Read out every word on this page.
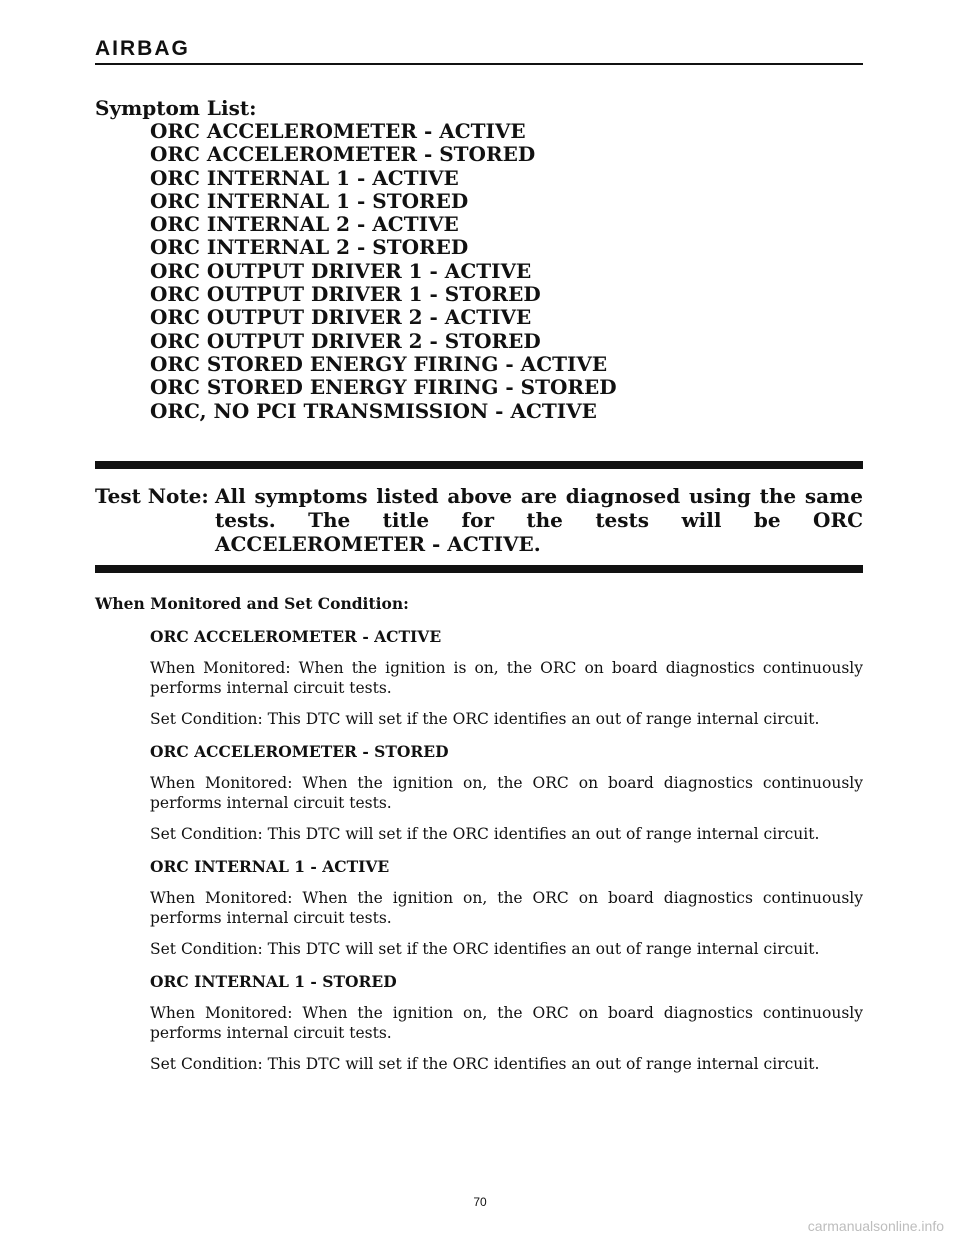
AIRBAG

Symptom List:

ORC ACCELEROMETER - ACTIVE
ORC ACCELEROMETER - STORED
ORC INTERNAL 1 - ACTIVE
ORC INTERNAL 1 - STORED
ORC INTERNAL 2 - ACTIVE
ORC INTERNAL 2 - STORED
ORC OUTPUT DRIVER 1 - ACTIVE
ORC OUTPUT DRIVER 1 - STORED
ORC OUTPUT DRIVER 2 - ACTIVE
ORC OUTPUT DRIVER 2 - STORED
ORC STORED ENERGY FIRING - ACTIVE
ORC STORED ENERGY FIRING - STORED
ORC, NO PCI TRANSMISSION - ACTIVE
Test Note: All symptoms listed above are diagnosed using the same tests. The title for the tests will be ORC ACCELEROMETER - ACTIVE.

When Monitored and Set Condition:

ORC ACCELEROMETER - ACTIVE

When Monitored: When the ignition is on, the ORC on board diagnostics continuously performs internal circuit tests.

Set Condition: This DTC will set if the ORC identifies an out of range internal circuit.

ORC ACCELEROMETER - STORED

When Monitored: When the ignition on, the ORC on board diagnostics continuously performs internal circuit tests.

Set Condition: This DTC will set if the ORC identifies an out of range internal circuit.

ORC INTERNAL 1 - ACTIVE

When Monitored: When the ignition on, the ORC on board diagnostics continuously performs internal circuit tests.

Set Condition: This DTC will set if the ORC identifies an out of range internal circuit.

ORC INTERNAL 1 - STORED

When Monitored: When the ignition on, the ORC on board diagnostics continuously performs internal circuit tests.

Set Condition: This DTC will set if the ORC identifies an out of range internal circuit.

70
carmanualsonline.info
